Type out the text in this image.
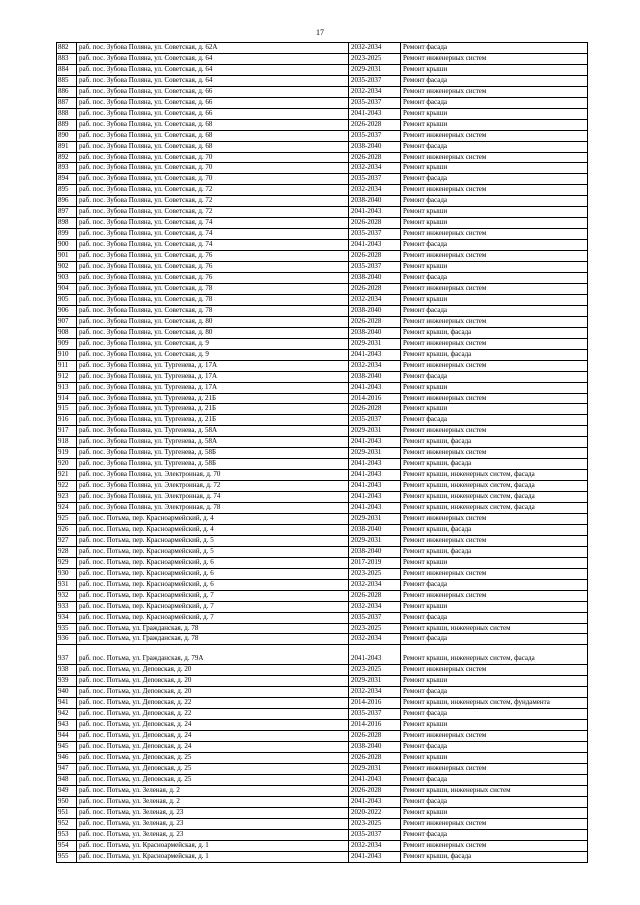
17
882	раб. пос. Зубова Поляна, ул. Советская, д. 62А	2032-2034	Ремонт фасада
883	раб. пос. Зубова Поляна, ул. Советская, д. 64	2023-2025	Ремонт инженерных систем
884	раб. пос. Зубова Поляна, ул. Советская, д. 64	2029-2031	Ремонт крыши
885	раб. пос. Зубова Поляна, ул. Советская, д. 64	2035-2037	Ремонт фасада
886	раб. пос. Зубова Поляна, ул. Советская, д. 66	2032-2034	Ремонт инженерных систем
887	раб. пос. Зубова Поляна, ул. Советская, д. 66	2035-2037	Ремонт фасада
888	раб. пос. Зубова Поляна, ул. Советская, д. 66	2041-2043	Ремонт крыши
889	раб. пос. Зубова Поляна, ул. Советская, д. 68	2026-2028	Ремонт крыши
890	раб. пос. Зубова Поляна, ул. Советская, д. 68	2035-2037	Ремонт инженерных систем
891	раб. пос. Зубова Поляна, ул. Советская, д. 68	2038-2040	Ремонт фасада
892	раб. пос. Зубова Поляна, ул. Советская, д. 70	2026-2028	Ремонт инженерных систем
893	раб. пос. Зубова Поляна, ул. Советская, д. 70	2032-2034	Ремонт крыши
894	раб. пос. Зубова Поляна, ул. Советская, д. 70	2035-2037	Ремонт фасада
895	раб. пос. Зубова Поляна, ул. Советская, д. 72	2032-2034	Ремонт инженерных систем
896	раб. пос. Зубова Поляна, ул. Советская, д. 72	2038-2040	Ремонт фасада
897	раб. пос. Зубова Поляна, ул. Советская, д. 72	2041-2043	Ремонт крыши
898	раб. пос. Зубова Поляна, ул. Советская, д. 74	2026-2028	Ремонт крыши
899	раб. пос. Зубова Поляна, ул. Советская, д. 74	2035-2037	Ремонт инженерных систем
900	раб. пос. Зубова Поляна, ул. Советская, д. 74	2041-2043	Ремонт фасада
901	раб. пос. Зубова Поляна, ул. Советская, д. 76	2026-2028	Ремонт инженерных систем
902	раб. пос. Зубова Поляна, ул. Советская, д. 76	2035-2037	Ремонт крыши
903	раб. пос. Зубова Поляна, ул. Советская, д. 76	2038-2040	Ремонт фасада
904	раб. пос. Зубова Поляна, ул. Советская, д. 78	2026-2028	Ремонт инженерных систем
905	раб. пос. Зубова Поляна, ул. Советская, д. 78	2032-2034	Ремонт крыши
906	раб. пос. Зубова Поляна, ул. Советская, д. 78	2038-2040	Ремонт фасада
907	раб. пос. Зубова Поляна, ул. Советская, д. 80	2026-2028	Ремонт инженерных систем
908	раб. пос. Зубова Поляна, ул. Советская, д. 80	2038-2040	Ремонт крыши, фасада
909	раб. пос. Зубова Поляна, ул. Советская, д. 9	2029-2031	Ремонт инженерных систем
910	раб. пос. Зубова Поляна, ул. Советская, д. 9	2041-2043	Ремонт крыши, фасада
911	раб. пос. Зубова Поляна, ул. Тургенева, д. 17А	2032-2034	Ремонт инженерных систем
912	раб. пос. Зубова Поляна, ул. Тургенева, д. 17А	2038-2040	Ремонт фасада
913	раб. пос. Зубова Поляна, ул. Тургенева, д. 17А	2041-2043	Ремонт крыши
914	раб. пос. Зубова Поляна, ул. Тургенева, д. 21Б	2014-2016	Ремонт инженерных систем
915	раб. пос. Зубова Поляна, ул. Тургенева, д. 21Б	2026-2028	Ремонт крыши
916	раб. пос. Зубова Поляна, ул. Тургенева, д. 21Б	2035-2037	Ремонт фасада
917	раб. пос. Зубова Поляна, ул. Тургенева, д. 58А	2029-2031	Ремонт инженерных систем
918	раб. пос. Зубова Поляна, ул. Тургенева, д. 58А	2041-2043	Ремонт крыши, фасада
919	раб. пос. Зубова Поляна, ул. Тургенева, д. 58Б	2029-2031	Ремонт инженерных систем
920	раб. пос. Зубова Поляна, ул. Тургенева, д. 58Б	2041-2043	Ремонт крыши, фасада
921	раб. пос. Зубова Поляна, ул. Электронная, д. 70	2041-2043	Ремонт крыши, инженерных систем, фасада
922	раб. пос. Зубова Поляна, ул. Электронная, д. 72	2041-2043	Ремонт крыши, инженерных систем, фасада
923	раб. пос. Зубова Поляна, ул. Электронная, д. 74	2041-2043	Ремонт крыши, инженерных систем, фасада
924	раб. пос. Зубова Поляна, ул. Электронная, д. 78	2041-2043	Ремонт крыши, инженерных систем, фасада
925	раб. пос. Потьма, пер. Красноармейский, д. 4	2029-2031	Ремонт инженерных систем
926	раб. пос. Потьма, пер. Красноармейский, д. 4	2038-2040	Ремонт крыши, фасада
927	раб. пос. Потьма, пер. Красноармейский, д. 5	2029-2031	Ремонт инженерных систем
928	раб. пос. Потьма, пер. Красноармейский, д. 5	2038-2040	Ремонт крыши, фасада
929	раб. пос. Потьма, пер. Красноармейский, д. 6	2017-2019	Ремонт крыши
930	раб. пос. Потьма, пер. Красноармейский, д. 6	2023-2025	Ремонт инженерных систем
931	раб. пос. Потьма, пер. Красноармейский, д. 6	2032-2034	Ремонт фасада
932	раб. пос. Потьма, пер. Красноармейский, д. 7	2026-2028	Ремонт инженерных систем
933	раб. пос. Потьма, пер. Красноармейский, д. 7	2032-2034	Ремонт крыши
934	раб. пос. Потьма, пер. Красноармейский, д. 7	2035-2037	Ремонт фасада
935	раб. пос. Потьма, ул. Гражданская, д. 78	2023-2025	Ремонт крыши, инженерных систем
936	раб. пос. Потьма, ул. Гражданская, д. 78	2032-2034	Ремонт фасада
937	раб. пос. Потьма, ул. Гражданская, д. 79А	2041-2043	Ремонт крыши, инженерных систем, фасада
938	раб. пос. Потьма, ул. Деповская, д. 20	2023-2025	Ремонт инженерных систем
939	раб. пос. Потьма, ул. Деповская, д. 20	2029-2031	Ремонт крыши
940	раб. пос. Потьма, ул. Деповская, д. 20	2032-2034	Ремонт фасада
941	раб. пос. Потьма, ул. Деповская, д. 22	2014-2016	Ремонт крыши, инженерных систем, фундамента
942	раб. пос. Потьма, ул. Деповская, д. 22	2035-2037	Ремонт фасада
943	раб. пос. Потьма, ул. Деповская, д. 24	2014-2016	Ремонт крыши
944	раб. пос. Потьма, ул. Деповская, д. 24	2026-2028	Ремонт инженерных систем
945	раб. пос. Потьма, ул. Деповская, д. 24	2038-2040	Ремонт фасада
946	раб. пос. Потьма, ул. Деповская, д. 25	2026-2028	Ремонт крыши
947	раб. пос. Потьма, ул. Деповская, д. 25	2029-2031	Ремонт инженерных систем
948	раб. пос. Потьма, ул. Деповская, д. 25	2041-2043	Ремонт фасада
949	раб. пос. Потьма, ул. Зеленая, д. 2	2026-2028	Ремонт крыши, инженерных систем
950	раб. пос. Потьма, ул. Зеленая, д. 2	2041-2043	Ремонт фасада
951	раб. пос. Потьма, ул. Зеленая, д. 23	2020-2022	Ремонт крыши
952	раб. пос. Потьма, ул. Зеленая, д. 23	2023-2025	Ремонт инженерных систем
953	раб. пос. Потьма, ул. Зеленая, д. 23	2035-2037	Ремонт фасада
954	раб. пос. Потьма, ул. Красноармейская, д. 1	2032-2034	Ремонт инженерных систем
955	раб. пос. Потьма, ул. Красноармейская, д. 1	2041-2043	Ремонт крыши, фасада
